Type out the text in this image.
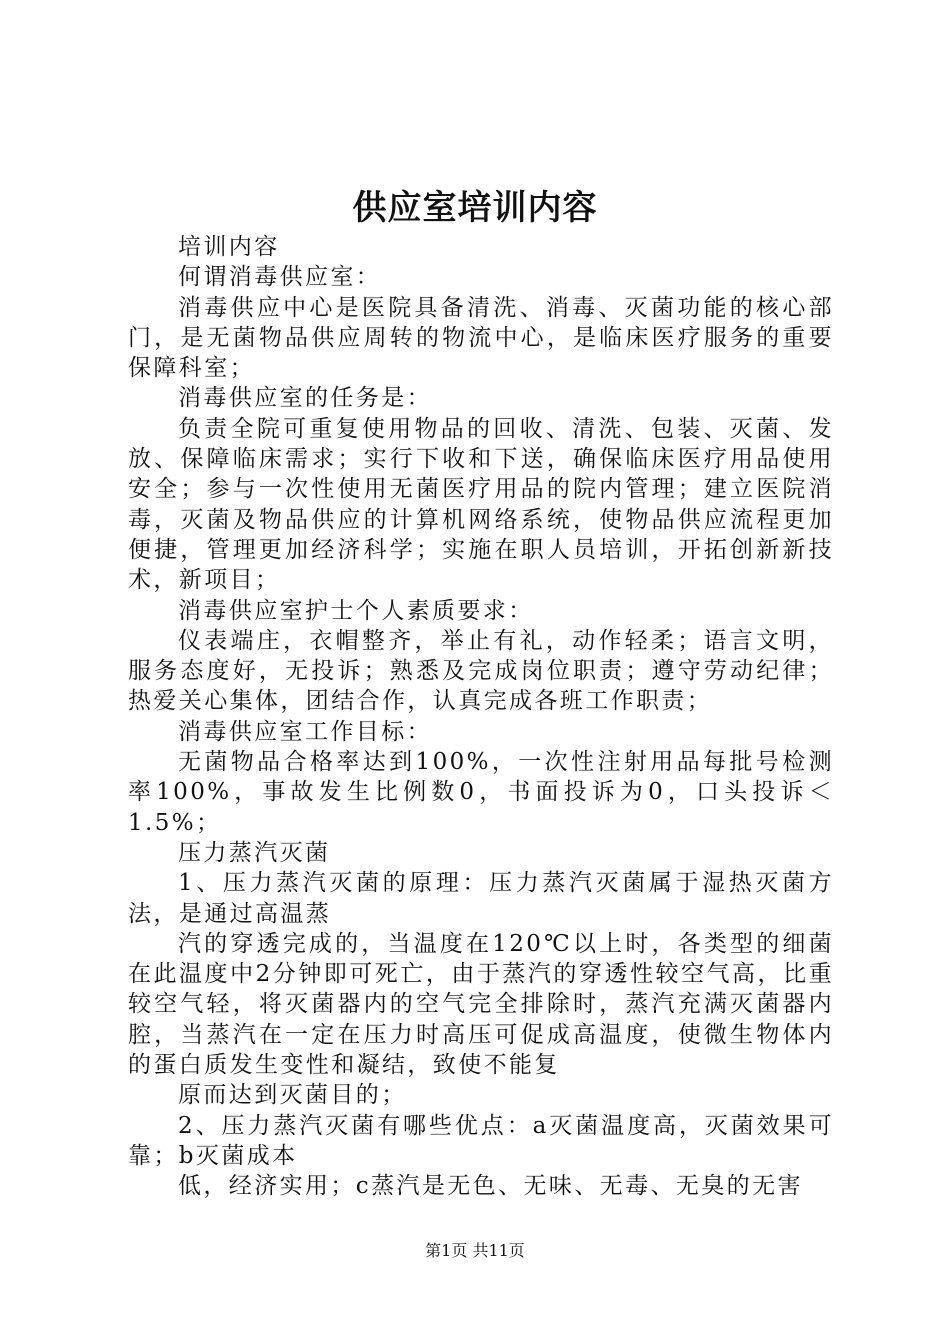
供应室培训内容

培训内容

何谓消毒供应室：

消毒供应中心是医院具备清洗、消毒、灭菌功能的核心部门，是无菌物品供应周转的物流中心，是临床医疗服务的重要保障科室；

消毒供应室的任务是：

负责全院可重复使用物品的回收、清洗、包装、灭菌、发放、保障临床需求；实行下收和下送，确保临床医疗用品使用安全；参与一次性使用无菌医疗用品的院内管理；建立医院消毒，灭菌及物品供应的计算机网络系统，使物品供应流程更加便捷，管理更加经济科学；实施在职人员培训，开拓创新新技术，新项目；

消毒供应室护士个人素质要求：

仪表端庄，衣帽整齐，举止有礼，动作轻柔；语言文明，服务态度好，无投诉；熟悉及完成岗位职责；遵守劳动纪律；热爱关心集体，团结合作，认真完成各班工作职责；

消毒供应室工作目标：

无菌物品合格率达到100%，一次性注射用品每批号检测率100%，事故发生比例数0，书面投诉为0，口头投诉＜1.5%；

压力蒸汽灭菌

1、压力蒸汽灭菌的原理：压力蒸汽灭菌属于湿热灭菌方法，是通过高温蒸

汽的穿透完成的，当温度在120℃以上时，各类型的细菌在此温度中2分钟即可死亡，由于蒸汽的穿透性较空气高，比重较空气轻，将灭菌器内的空气完全排除时，蒸汽充满灭菌器内腔，当蒸汽在一定在压力时高压可促成高温度，使微生物体内的蛋白质发生变性和凝结，致使不能复

原而达到灭菌目的；

2、压力蒸汽灭菌有哪些优点：a灭菌温度高，灭菌效果可靠；b灭菌成本

低，经济实用；c蒸汽是无色、无味、无毒、无臭的无害

第1页 共11页
